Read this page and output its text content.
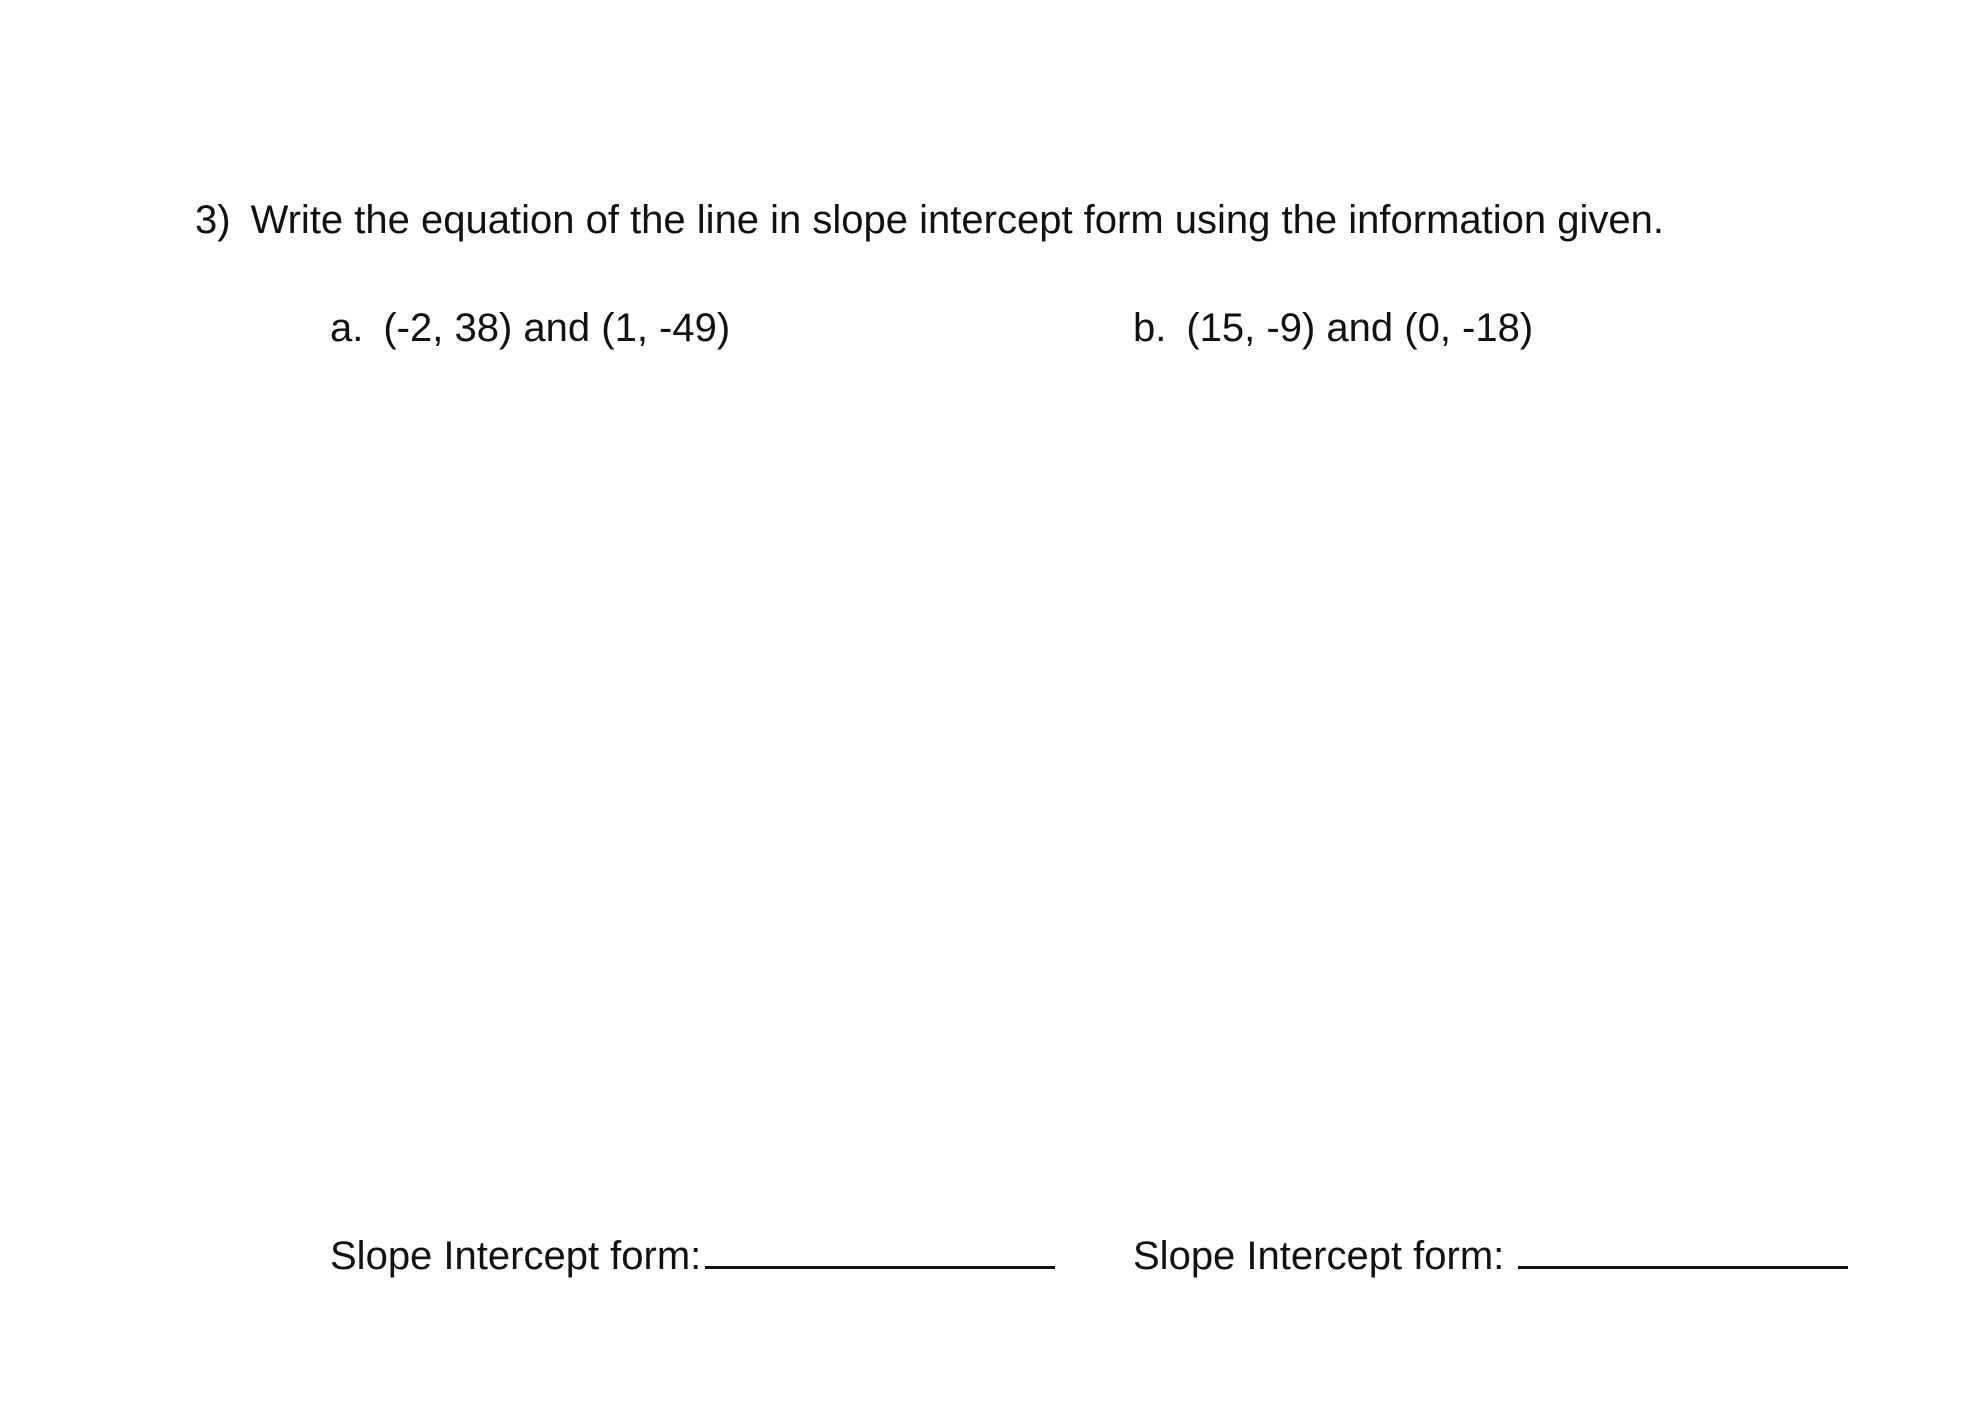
3) Write the equation of the line in slope intercept form using the information given.
a. (-2, 38) and (1, -49)	b. (15, -9) and (0, -18)
Slope Intercept form:	Slope Intercept form:
